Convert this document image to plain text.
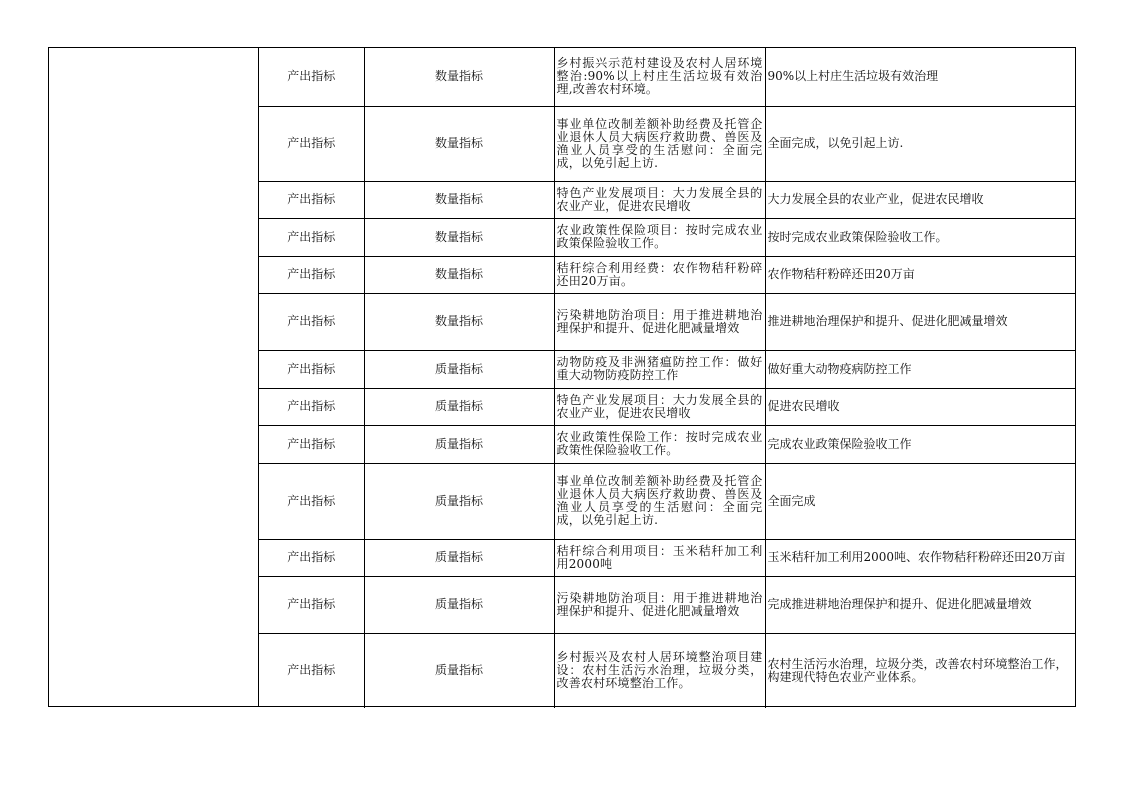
产出指标	数量指标	乡村振兴示范村建设及农村人居环境整治:90%以上村庄生活垃圾有效治理,改善农村环境。	90%以上村庄生活垃圾有效治理
产出指标	数量指标	事业单位改制差额补助经费及托管企业退休人员大病医疗救助费、兽医及渔业人员享受的生活慰问：全面完成，以免引起上访.	全面完成，以免引起上访.
产出指标	数量指标	特色产业发展项目：大力发展全县的农业产业，促进农民增收	大力发展全县的农业产业，促进农民增收
产出指标	数量指标	农业政策性保险项目：按时完成农业政策保险验收工作。	按时完成农业政策保险验收工作。
产出指标	数量指标	秸秆综合利用经费：农作物秸秆粉碎还田20万亩。	农作物秸秆粉碎还田20万亩
产出指标	数量指标	污染耕地防治项目：用于推进耕地治理保护和提升、促进化肥减量增效	推进耕地治理保护和提升、促进化肥减量增效
产出指标	质量指标	动物防疫及非洲猪瘟防控工作：做好重大动物防疫防控工作	做好重大动物疫病防控工作
产出指标	质量指标	特色产业发展项目：大力发展全县的农业产业，促进农民增收	促进农民增收
产出指标	质量指标	农业政策性保险工作：按时完成农业政策性保险验收工作。	完成农业政策保险验收工作
产出指标	质量指标	事业单位改制差额补助经费及托管企业退休人员大病医疗救助费、兽医及渔业人员享受的生活慰问：全面完成，以免引起上访.	全面完成
产出指标	质量指标	秸秆综合利用项目：玉米秸秆加工利用2000吨	玉米秸秆加工利用2000吨、农作物秸秆粉碎还田20万亩
产出指标	质量指标	污染耕地防治项目：用于推进耕地治理保护和提升、促进化肥减量增效	完成推进耕地治理保护和提升、促进化肥减量增效
产出指标	质量指标	乡村振兴及农村人居环境整治项目建设：农村生活污水治理，垃圾分类，改善农村环境整治工作。	农村生活污水治理，垃圾分类，改善农村环境整治工作，构建现代特色农业产业体系。
